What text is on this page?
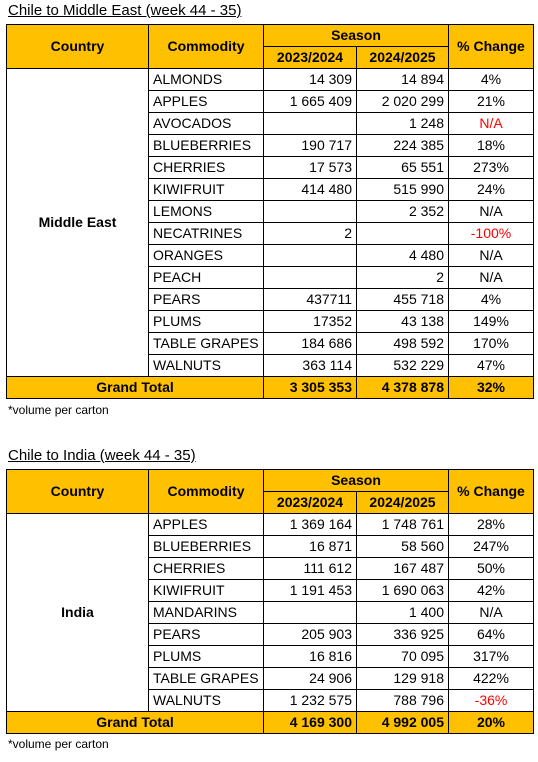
Chile to Middle East (week 44 - 35)
Country	Commodity	Season		% Change
		2023/2024	2024/2025	
Middle East	ALMONDS	14 309	14 894	4%
	APPLES	1 665 409	2 020 299	21%
	AVOCADOS		1 248	N/A
	BLUEBERRIES	190 717	224 385	18%
	CHERRIES	17 573	65 551	273%
	KIWIFRUIT	414 480	515 990	24%
	LEMONS		2 352	N/A
	NECATRINES	2		-100%
	ORANGES		4 480	N/A
	PEACH		2	N/A
	PEARS	437711	455 718	4%
	PLUMS	17352	43 138	149%
	TABLE GRAPES	184 686	498 592	170%
	WALNUTS	363 114	532 229	47%
Grand Total		3 305 353	4 378 878	32%
*volume per carton
Chile to India (week 44 - 35)
Country	Commodity	Season		% Change
		2023/2024	2024/2025	
India	APPLES	1 369 164	1 748 761	28%
	BLUEBERRIES	16 871	58 560	247%
	CHERRIES	111 612	167 487	50%
	KIWIFRUIT	1 191 453	1 690 063	42%
	MANDARINS		1 400	N/A
	PEARS	205 903	336 925	64%
	PLUMS	16 816	70 095	317%
	TABLE GRAPES	24 906	129 918	422%
	WALNUTS	1 232 575	788 796	-36%
Grand Total		4 169 300	4 992 005	20%
*volume per carton
